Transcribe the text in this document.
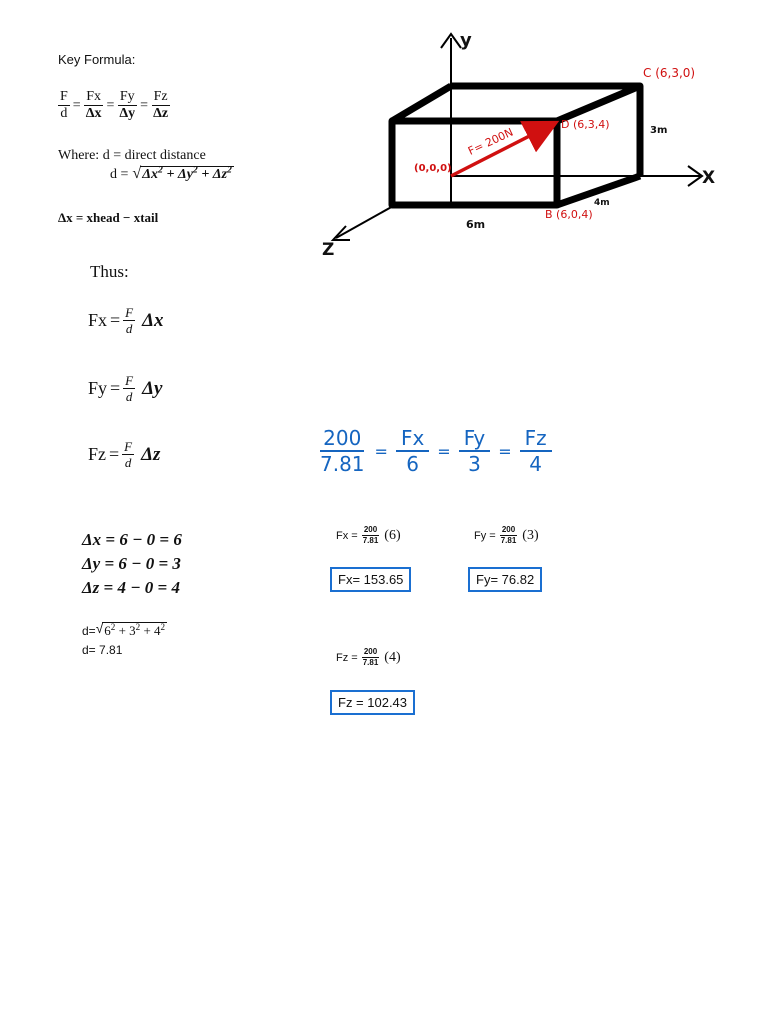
Key Formula:
$\frac{F}{d} = \frac{Fx}{\Delta x} = \frac{Fy}{\Delta y} = \frac{Fz}{\Delta z}$
Where: d = direct distance
d = √ $\Delta x^2 + \Delta y^2 + \Delta z^2$
Δx = xhead − xtail
Thus:
$Fx = \frac{F}{d}$ Δx
$Fy = \frac{F}{d}$ Δy
$Fz = \frac{F}{d}$ Δz
Δx = 6 − 0 = 6
Δy = 6 − 0 = 3
Δz = 4 − 0 = 4
d= √ $6^2 + 3^2 + 4^2$
d= 7.81
y
X
Z
(0,0,0)
C (6,3,0)
D (6,3,4)
B (6,0,4)
F= 200N	3m
4m
6m
$\frac{200}{7.81} = \frac{Fx}{6} = \frac{Fy}{3} = \frac{Fz}{4}$
$Fx = \frac{200}{7.81} (6)$
Fx= 153.65
$Fy = \frac{200}{7.81} (3)$
Fy= 76.82
$Fz = \frac{200}{7.81} (4)$
Fz = 102.43
